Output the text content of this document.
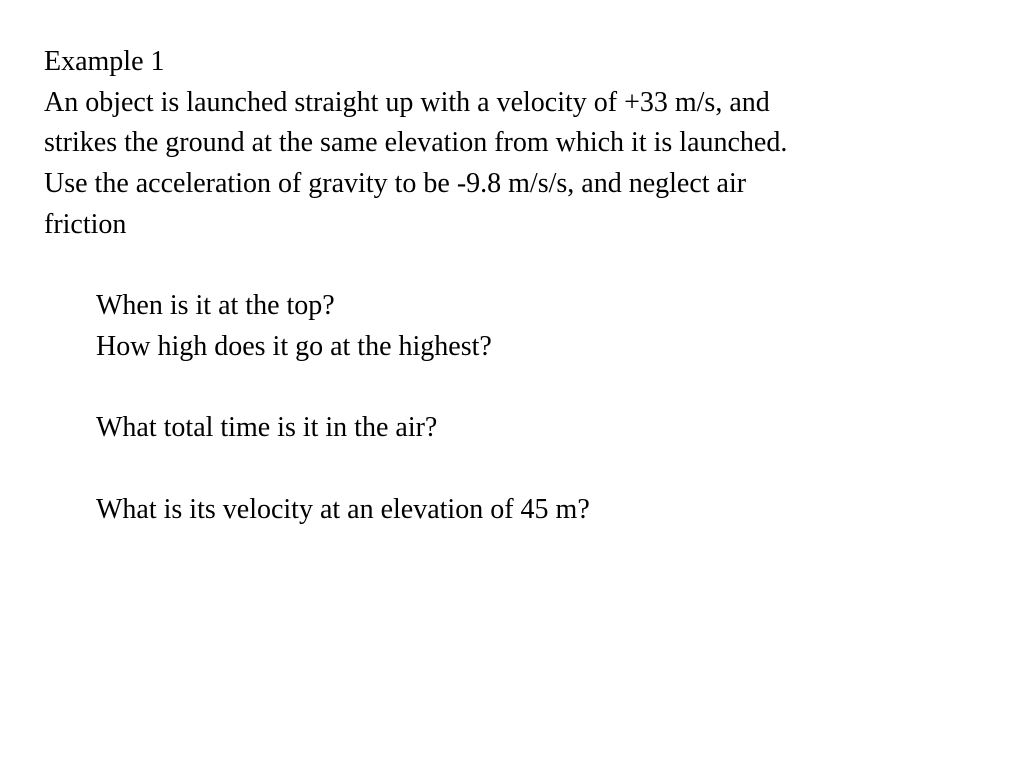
Example 1
An object is launched straight up with a velocity of +33 m/s, and
strikes the ground at the same elevation from which it is launched.
Use the acceleration of gravity to be -9.8 m/s/s, and neglect air
friction
When is it at the top?
How high does it go at the highest?
What total time is it in the air?
What is its velocity at an elevation of 45 m?
